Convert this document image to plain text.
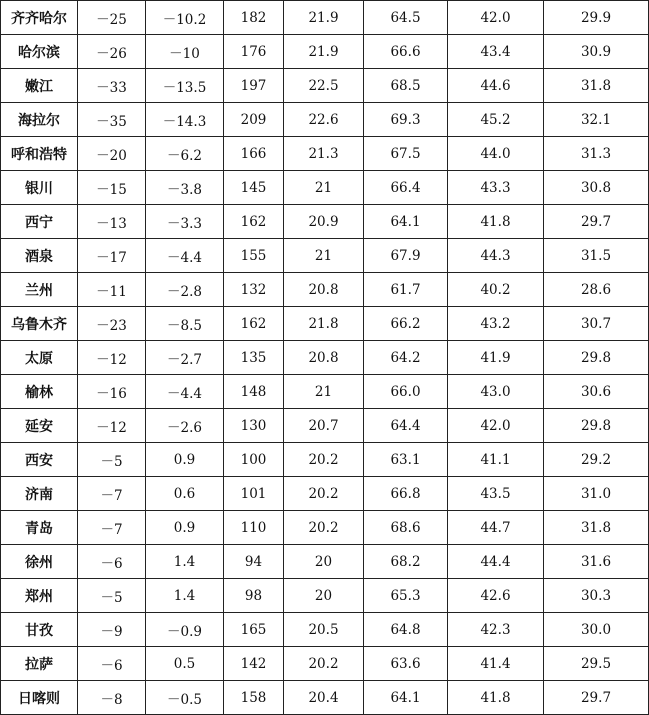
齐齐哈尔	－25	－10.2	182	21.9	64.5	42.0	29.9
哈尔滨	－26	－10	176	21.9	66.6	43.4	30.9
嫩江	－33	－13.5	197	22.5	68.5	44.6	31.8
海拉尔	－35	－14.3	209	22.6	69.3	45.2	32.1
呼和浩特	－20	－6.2	166	21.3	67.5	44.0	31.3
银川	－15	－3.8	145	21	66.4	43.3	30.8
西宁	－13	－3.3	162	20.9	64.1	41.8	29.7
酒泉	－17	－4.4	155	21	67.9	44.3	31.5
兰州	－11	－2.8	132	20.8	61.7	40.2	28.6
乌鲁木齐	－23	－8.5	162	21.8	66.2	43.2	30.7
太原	－12	－2.7	135	20.8	64.2	41.9	29.8
榆林	－16	－4.4	148	21	66.0	43.0	30.6
延安	－12	－2.6	130	20.7	64.4	42.0	29.8
西安	－5	0.9	100	20.2	63.1	41.1	29.2
济南	－7	0.6	101	20.2	66.8	43.5	31.0
青岛	－7	0.9	110	20.2	68.6	44.7	31.8
徐州	－6	1.4	94	20	68.2	44.4	31.6
郑州	－5	1.4	98	20	65.3	42.6	30.3
甘孜	－9	－0.9	165	20.5	64.8	42.3	30.0
拉萨	－6	0.5	142	20.2	63.6	41.4	29.5
日喀则	－8	－0.5	158	20.4	64.1	41.8	29.7
